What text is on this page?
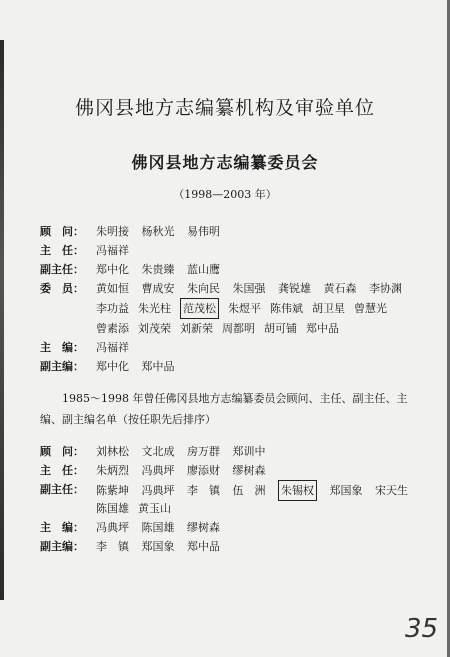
佛冈县地方志编纂机构及审验单位
佛冈县地方志编纂委员会
（1998—2003 年）
顾　问：	朱明接 杨秋光 易伟明

主　任：	冯福祥

副主任：	郑中化 朱贵臻 蓝山鹰

委　员：	黄如恒 曹成安 朱向民 朱国强 龚锐雄 黄石森 李协渊

李功益 朱光柱 范茂松 朱煜平 陈伟斌 胡卫星 曾慧光
曾素添 刘茂荣 刘新荣 周都明 胡可铺 郑中品
主　编：	冯福祥

副主编：	郑中化 郑中品

1985～1998 年曾任佛冈县地方志编纂委员会顾问、主任、副主任、主编、副主编名单（按任职先后排序）
顾　问：	刘林松 文北成 房万群 郑训中

主　任：	朱炳烈 冯典坪 廖添财 缪树森

副主任：	陈紫坤 冯典坪 李　镇 伍　洲 朱锡权 郑国象 宋天生

陈国雄 黄玉山
主　编：	冯典坪 陈国雄 缪树森

副主编：	李　镇 郑国象 郑中品

35
